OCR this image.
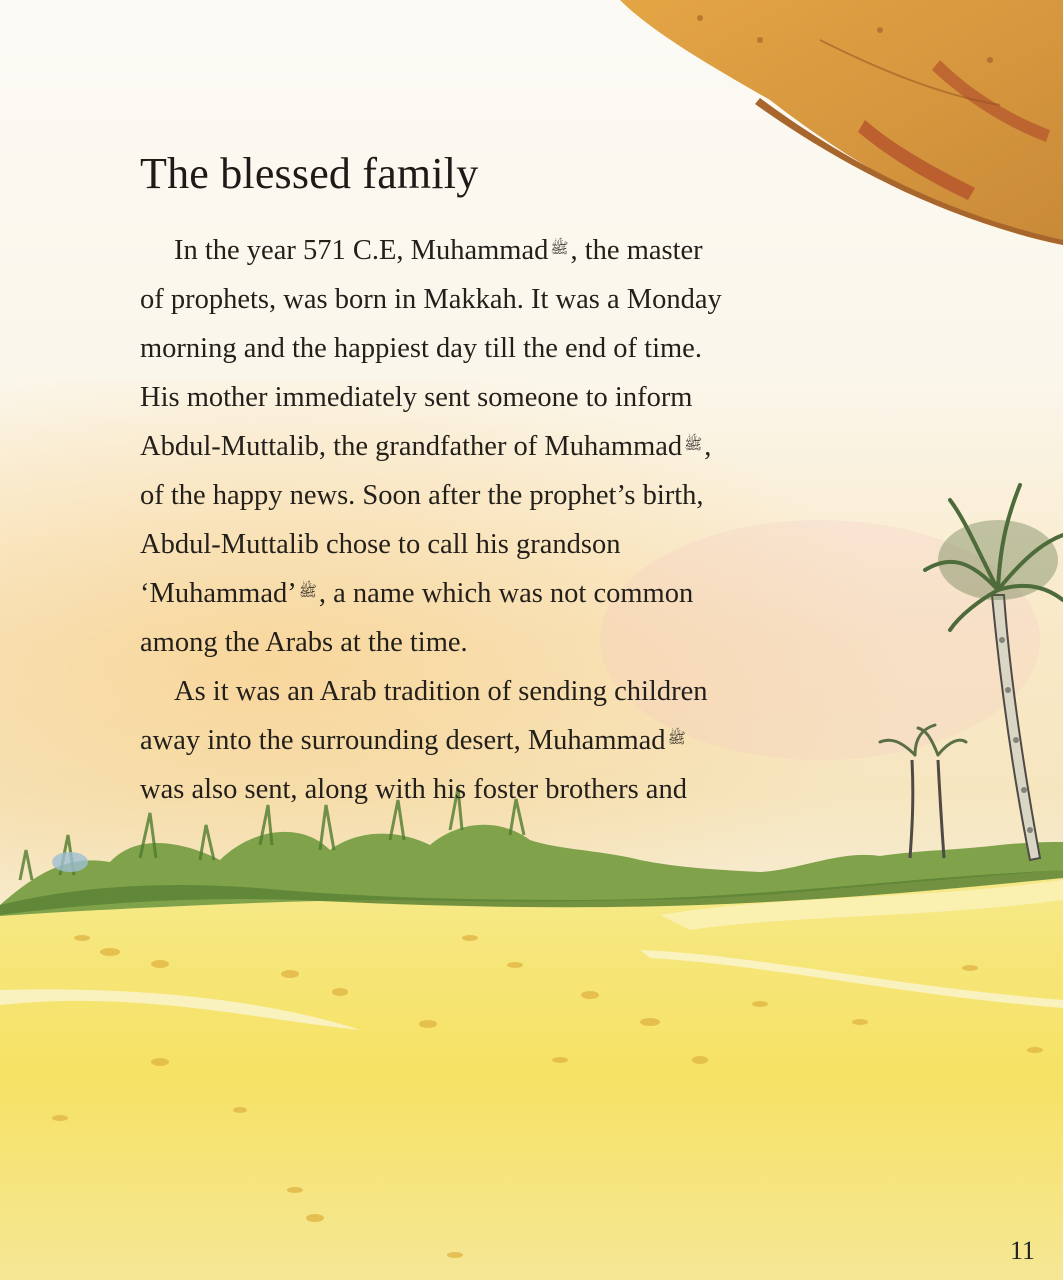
The blessed family
In the year 571 C.E, Muhammad ﷺ, the master
of prophets, was born in Makkah. It was a Monday
morning and the happiest day till the end of time.
His mother immediately sent someone to inform
Abdul-Muttalib, the grandfather of Muhammad ﷺ,
of the happy news. Soon after the prophet’s birth,
Abdul-Muttalib chose to call his grandson
‘Muhammad’ ﷺ, a name which was not common
among the Arabs at the time.
As it was an Arab tradition of sending children
away into the surrounding desert, Muhammad ﷺ
was also sent, along with his foster brothers and
11
